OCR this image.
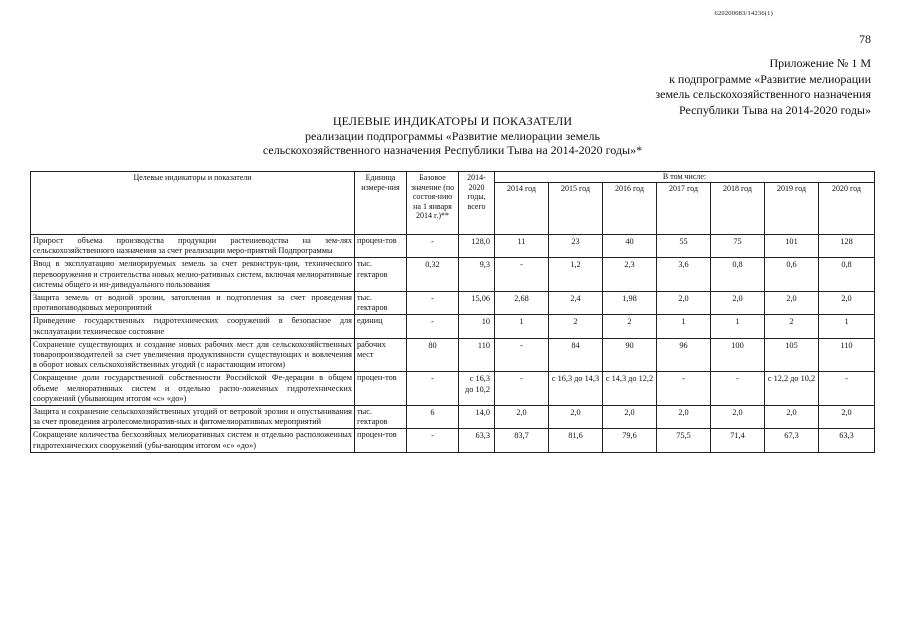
620200083/14236(1)
78
Приложение № 1 М
к подпрограмме «Развитие мелиорации
земель сельскохозяйственного назначения
Республики Тыва на 2014-2020 годы»
ЦЕЛЕВЫЕ ИНДИКАТОРЫ И ПОКАЗАТЕЛИ
реализации подпрограммы «Развитие мелиорации земель
сельскохозяйственного назначения Республики Тыва на 2014-2020 годы»*
Целевые индикаторы и показатели	Единица измере-ния	Базовое значение (по состоя-нию на 1 января 2014 г.)**	2014-2020 годы, всего	В том числе:						
				2014 год	2015 год	2016 год	2017 год	2018 год	2019 год	2020 год
Прирост объема производства продукции растениеводства на зем-лях сельскохозяйственного назначения за счет реализации меро-приятий Подпрограммы	процен-тов	-	128,0	11	23	40	55	75	101	128
Ввод в эксплуатацию мелиорируемых земель за счет реконструк-ции, технического перевооружения и строительства новых мелио-ративных систем, включая мелиоративные системы общего и ин-дивидуального пользования	тыс. гектаров	0,32	9,3	-	1,2	2,3	3,6	0,8	0,6	0,8
Защита земель от водной эрозии, затопления и подтопления за счет проведения противопаводковых мероприятий	тыс. гектаров	-	15,06	2,68	2,4	1,98	2,0	2,0	2,0	2,0
Приведение государственных гидротехнических сооружений в безопасное для эксплуатации техническое состояние	единиц	-	10	1	2	2	1	1	2	1
Сохранение существующих и создание новых рабочих мест для сельскохозяйственных товаропроизводителей за счет увеличения продуктивности существующих и вовлечения в оборот новых сельскохозяйственных угодий (с нарастающим итогом)	рабочих мест	80	110	-	84	90	96	100	105	110
Сокращение доли государственной собственности Российской Фе-дерации в общем объеме мелиоративных систем и отдельно распо-ложенных гидротехнических сооружений (убывающим итогом «с» «до»)	процен-тов	-	с 16,3 до 10,2	-	с 16,3 до 14,3	с 14,3 до 12,2	-	-	с 12,2 до 10,2	-
Защита и сохранение сельскохозяйственных угодий от ветровой эрозии и опустынивания за счет проведения агролесомелиоратив-ных и фитомелиоративных мероприятий	тыс. гектаров	6	14,0	2,0	2,0	2,0	2,0	2,0	2,0	2,0
Сокращение количества бесхозяйных мелиоративных систем и отдельно расположенных гидротехнических сооружений (убы-вающим итогом «с» «до»)	процен-тов	-	63,3	83,7	81,6	79,6	75,5	71,4	67,3	63,3
